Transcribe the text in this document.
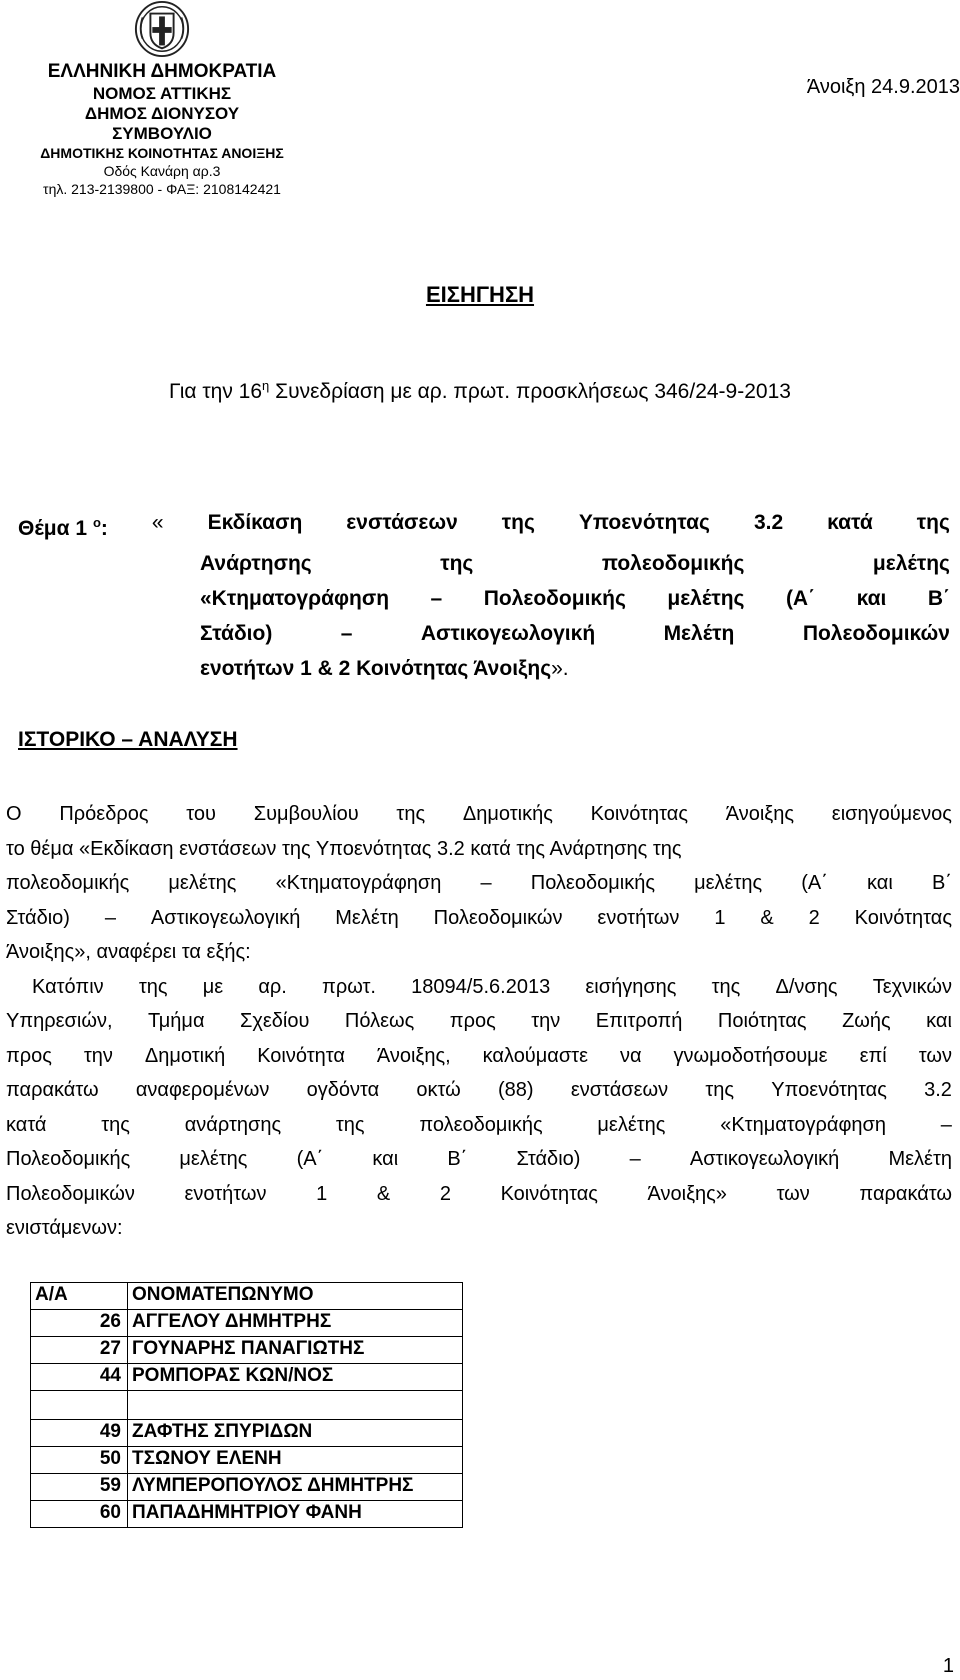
ΕΛΛΗΝΙΚΗ ΔΗΜΟΚΡΑΤΙΑ
ΝΟΜΟΣ ΑΤΤΙΚΗΣ
ΔΗΜΟΣ ΔΙΟΝΥΣΟΥ
ΣΥΜΒΟΥΛΙΟ
ΔΗΜΟΤΙΚΗΣ ΚΟΙΝΟΤΗΤΑΣ ΑΝΟΙΞΗΣ
Οδός Κανάρη αρ.3
τηλ. 213-2139800 - ΦΑΞ: 2108142421
Άνοιξη 24.9.2013
ΕΙΣΗΓΗΣΗ
Για την $16^\eta$ Συνεδρίαση με αρ. πρωτ. προσκλήσεως 346/24-9-2013
Θέμα 1 $^o$: « Εκδίκαση ενστάσεων της Υποενότητας 3.2 κατά της
Ανάρτησης	της	πολεοδομικής	μελέτης
«Κτηματογράφηση – Πολεοδομικής μελέτης (Α΄ και Β΄
Στάδιο)	–	Αστικογεωλογική	Μελέτη	Πολεοδομικών
ενοτήτων 1 & 2 Κοινότητας Άνοιξης».
ΙΣΤΟΡΙΚΟ – ΑΝΑΛΥΣΗ
Ο Πρόεδρος του Συμβουλίου της Δημοτικής Κοινότητας Άνοιξης εισηγούμενος
το θέμα «Εκδίκαση ενστάσεων της Υποενότητας 3.2 κατά της Ανάρτησης της
πολεοδομικής μελέτης «Κτηματογράφηση – Πολεοδομικής μελέτης (Α΄ και Β΄
Στάδιο) – Αστικογεωλογική Μελέτη Πολεοδομικών ενοτήτων 1 & 2 Κοινότητας
Άνοιξης», αναφέρει τα εξής:
Κατόπιν της με αρ. πρωτ. 18094/5.6.2013 εισήγησης της Δ/νσης Τεχνικών
Υπηρεσιών, Τμήμα Σχεδίου Πόλεως προς την Επιτροπή Ποιότητας Ζωής και
προς την Δημοτική Κοινότητα Άνοιξης, καλούμαστε να γνωμοδοτήσουμε επί των
παρακάτω αναφερομένων ογδόντα οκτώ (88) ενστάσεων της Υποενότητας 3.2
κατά	της	ανάρτησης	της	πολεοδομικής	μελέτης	«Κτηματογράφηση	–
Πολεοδομικής μελέτης (Α΄ και Β΄ Στάδιο) – Αστικογεωλογική Μελέτη
Πολεοδομικών ενοτήτων 1 & 2 Κοινότητας Άνοιξης» των παρακάτω
ενιστάμενων:
Α/Α	ΟΝΟΜΑΤΕΠΩΝΥΜΟ
26	ΑΓΓΕΛΟΥ ΔΗΜΗΤΡΗΣ
27	ΓΟΥΝΑΡΗΣ ΠΑΝΑΓΙΩΤΗΣ
44	ΡΟΜΠΟΡΑΣ ΚΩΝ/ΝΟΣ

49	ΖΑΦΤΗΣ ΣΠΥΡΙΔΩΝ
50	ΤΣΩΝΟΥ ΕΛΕΝΗ
59	ΛΥΜΠΕΡΟΠΟΥΛΟΣ ΔΗΜΗΤΡΗΣ
60	ΠΑΠΑΔΗΜΗΤΡΙΟΥ ΦΑΝΗ
1
